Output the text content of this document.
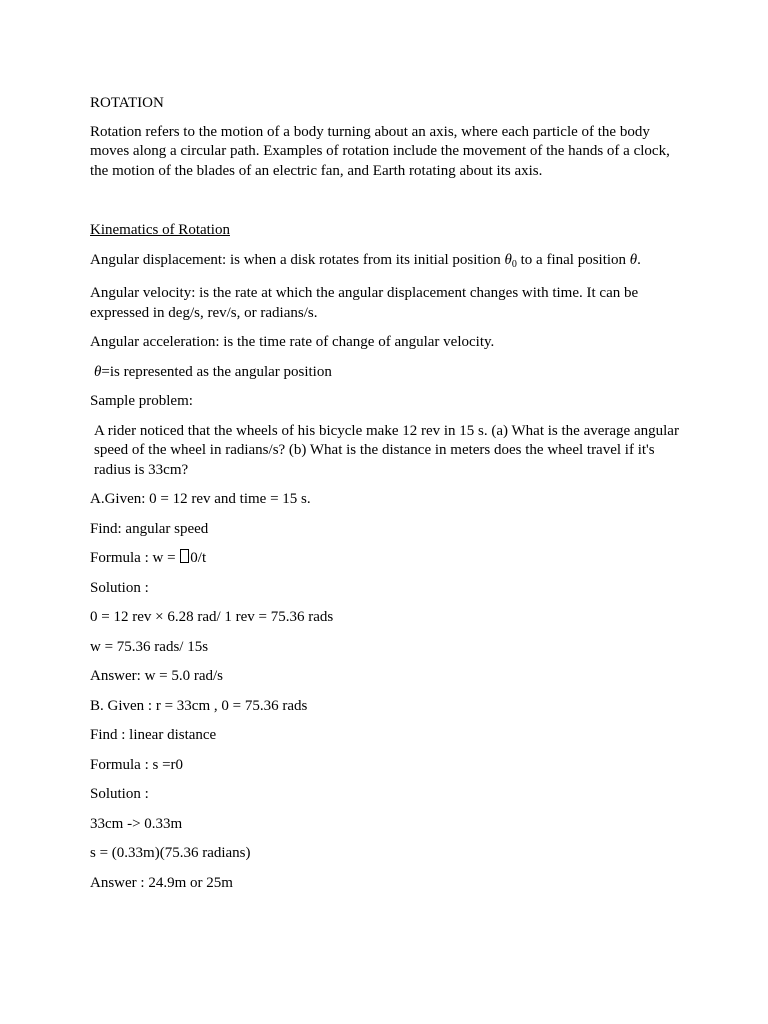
ROTATION

Rotation refers to the motion of a body turning about an axis, where each particle of the body moves along a circular path. Examples of rotation include the movement of the hands of a clock, the motion of the blades of an electric fan, and Earth rotating about its axis.

Kinematics of Rotation

Angular displacement: is when a disk rotates from its initial position $\theta_0$ to a final position θ.

Angular velocity: is the rate at which the angular displacement changes with time. It can be expressed in deg/s, rev/s, or radians/s.

Angular acceleration: is the time rate of change of angular velocity.

θ=is represented as the angular position

Sample problem:

A rider noticed that the wheels of his bicycle make 12 rev in 15 s. (a) What is the average angular speed of the wheel in radians/s? (b) What is the distance in meters does the wheel travel if it's radius is 33cm?

A.Given: 0 = 12 rev and time = 15 s.

Find: angular speed

Formula : w = 0/t

Solution :

0 = 12 rev × 6.28 rad/ 1 rev = 75.36 rads

w = 75.36 rads/ 15s

Answer: w = 5.0 rad/s

B. Given : r = 33cm , 0 = 75.36 rads

Find : linear distance

Formula : s =r0

Solution :

33cm -> 0.33m

s = (0.33m)(75.36 radians)

Answer : 24.9m or 25m
